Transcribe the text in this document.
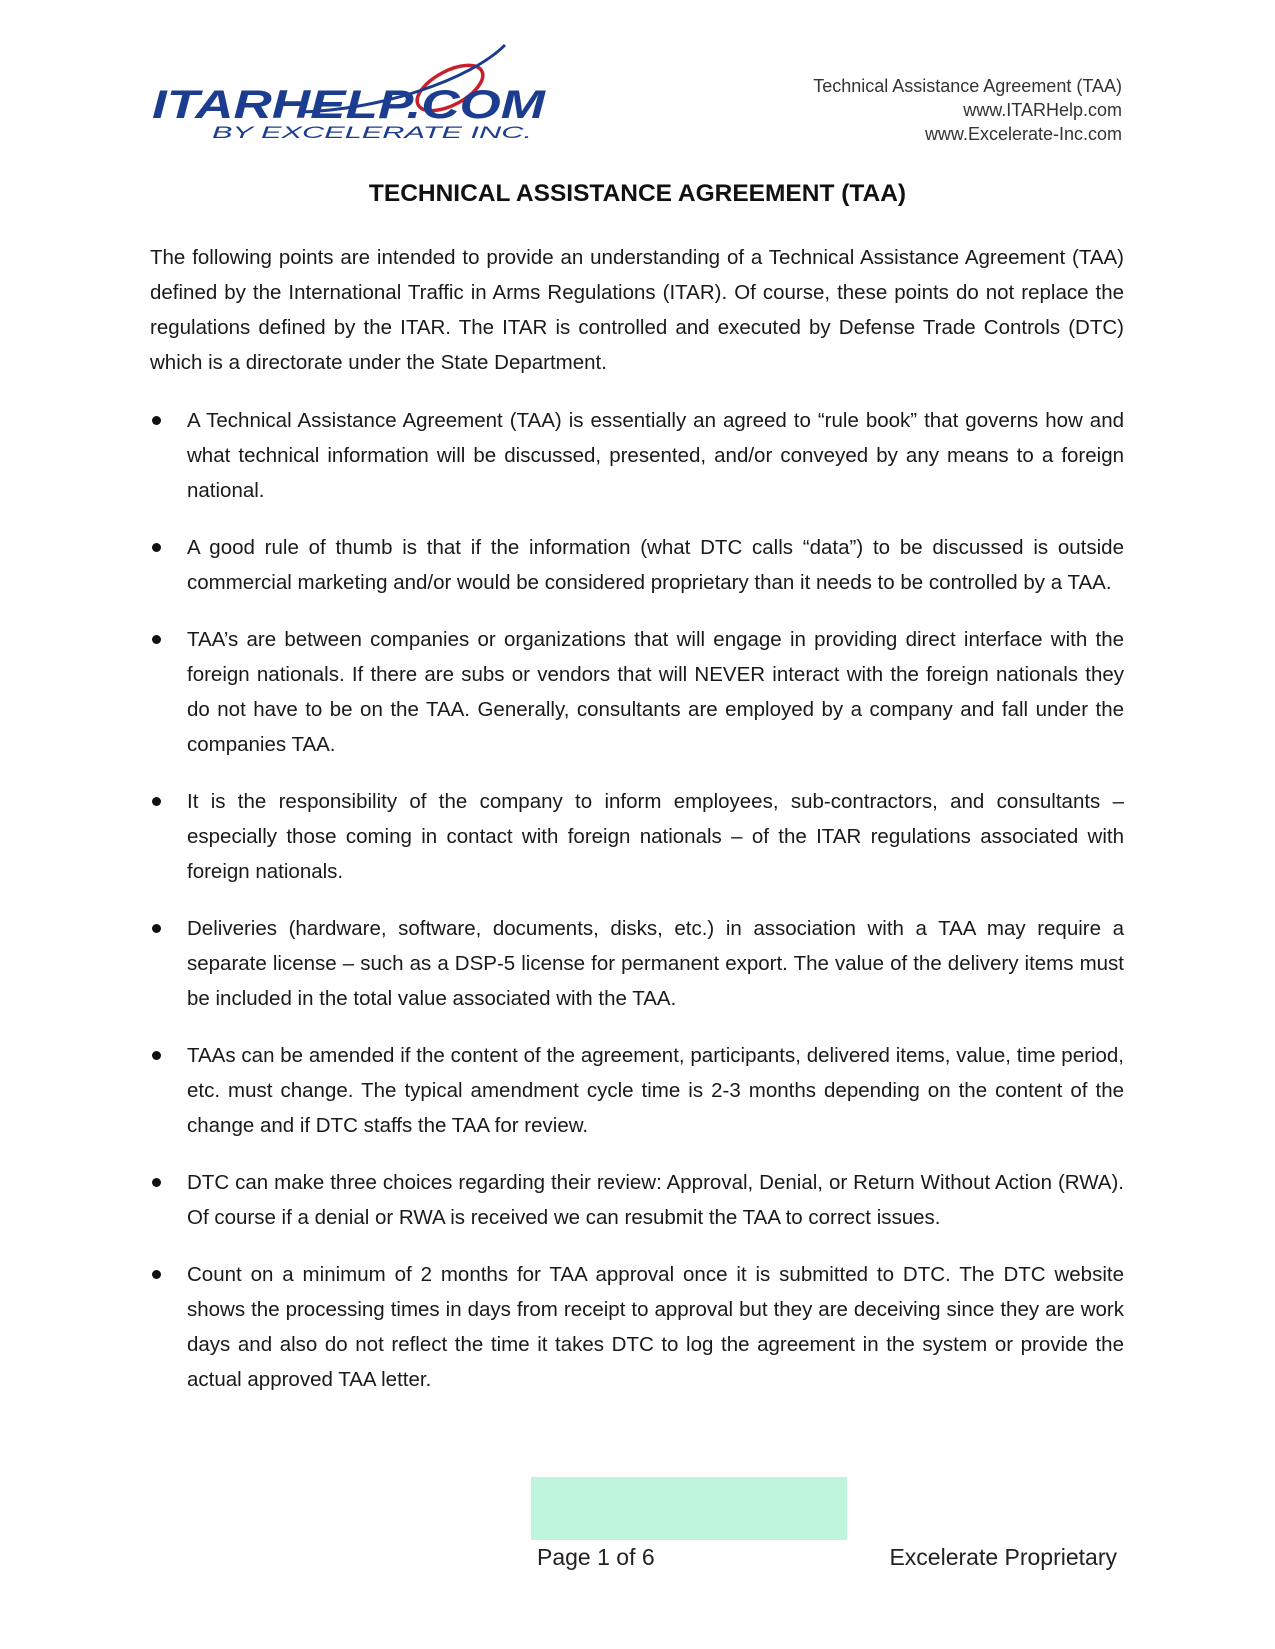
ITARHELP.COM
BY EXCELERATE INC.
Technical Assistance Agreement (TAA)
www.ITARHelp.com
www.Excelerate-Inc.com
TECHNICAL ASSISTANCE AGREEMENT (TAA)

The following points are intended to provide an understanding of a Technical Assistance Agreement (TAA) defined by the International Traffic in Arms Regulations (ITAR). Of course, these points do not replace the regulations defined by the ITAR. The ITAR is controlled and executed by Defense Trade Controls (DTC) which is a directorate under the State Department.

A Technical Assistance Agreement (TAA) is essentially an agreed to “rule book” that governs how and what technical information will be discussed, presented, and/or conveyed by any means to a foreign national.
A good rule of thumb is that if the information (what DTC calls “data”) to be discussed is outside commercial marketing and/or would be considered proprietary than it needs to be controlled by a TAA.
TAA’s are between companies or organizations that will engage in providing direct interface with the foreign nationals. If there are subs or vendors that will NEVER interact with the foreign nationals they do not have to be on the TAA. Generally, consultants are employed by a company and fall under the companies TAA.
It is the responsibility of the company to inform employees, sub-contractors, and consultants – especially those coming in contact with foreign nationals – of the ITAR regulations associated with foreign nationals.
Deliveries (hardware, software, documents, disks, etc.) in association with a TAA may require a separate license – such as a DSP-5 license for permanent export. The value of the delivery items must be included in the total value associated with the TAA.
TAAs can be amended if the content of the agreement, participants, delivered items, value, time period, etc. must change. The typical amendment cycle time is 2-3 months depending on the content of the change and if DTC staffs the TAA for review.
DTC can make three choices regarding their review: Approval, Denial, or Return Without Action (RWA). Of course if a denial or RWA is received we can resubmit the TAA to correct issues.
Count on a minimum of 2 months for TAA approval once it is submitted to DTC. The DTC website shows the processing times in days from receipt to approval but they are deceiving since they are work days and also do not reflect the time it takes DTC to log the agreement in the system or provide the actual approved TAA letter.
Page 1 of 6	Excelerate Proprietary
